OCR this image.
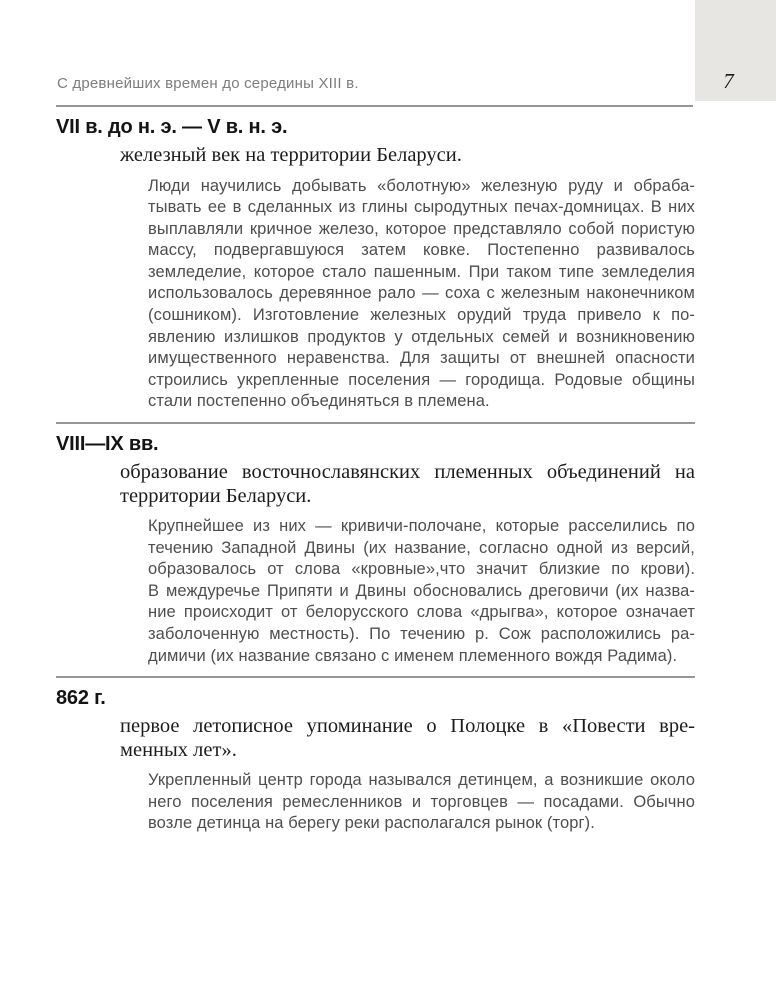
7
С древнейших времен до середины XIII в.
VII в. до н. э. — V в. н. э.
железный век на территории Беларуси.
Люди научились добывать «болотную» железную руду и обраба-
тывать ее в сделанных из глины сыродутных печах-домницах. В них
выплавляли кричное железо, которое представляло собой пористую
массу, подвергавшуюся затем ковке. Постепенно развивалось
земледелие, которое стало пашенным. При таком типе земледелия
использовалось деревянное рало — соха с железным наконечником
(сошником). Изготовление железных орудий труда привело к по-
явлению излишков продуктов у отдельных семей и возникновению
имущественного неравенства. Для защиты от внешней опасности
строились укрепленные поселения — городища. Родовые общины
стали постепенно объединяться в племена.
VIII—IX вв.
образование восточнославянских племенных объединений на
территории Беларуси.
Крупнейшее из них — кривичи-полочане, которые расселились по
течению Западной Двины (их название, согласно одной из версий,
образовалось от слова «кровные»,что значит близкие по крови).
В междуречье Припяти и Двины обосновались дреговичи (их назва-
ние происходит от белорусского слова «дрыгва», которое означает
заболоченную местность). По течению р. Сож расположились ра-
димичи (их название связано с именем племенного вождя Радима).
862 г.
первое летописное упоминание о Полоцке в «Повести вре-
менных лет».
Укрепленный центр города назывался детинцем, а возникшие около
него поселения ремесленников и торговцев — посадами. Обычно
возле детинца на берегу реки располагался рынок (торг).
